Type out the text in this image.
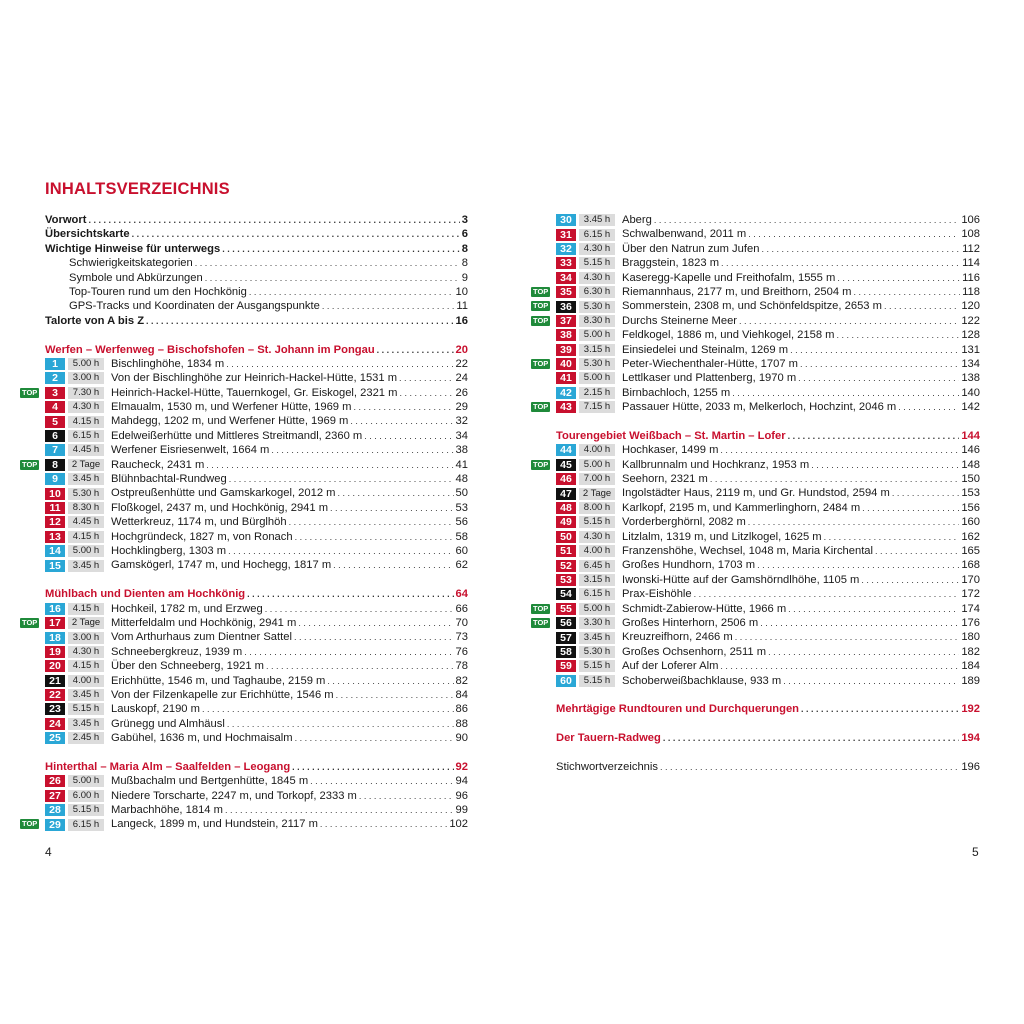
INHALTSVERZEICHNIS
Vorwort . . .	3
Übersichtskarte . . .	6
Wichtige Hinweise für unterwegs . . .	8
Schwierigkeitskategorien . . .	8
Symbole und Abkürzungen . . .	9
Top-Touren rund um den Hochkönig . . .	10
GPS-Tracks und Koordinaten der Ausgangspunkte . . .	11
Talorte von A bis Z . . .	16
Werfen – Werfenweg – Bischofshofen – St. Johann im Pongau . . .	20
1	5.00 h	Bischlinghöhe, 1834 m . . .	22
2	3.00 h	Von der Bischlinghöhe zur Heinrich-Hackel-Hütte, 1531 m . . .	24
TOP	3	7.30 h	Heinrich-Hackel-Hütte, Tauernkogel, Gr. Eiskogel, 2321 m . . .	26
4	4.30 h	Elmaualm, 1530 m, und Werfener Hütte, 1969 m . . .	29
5	4.15 h	Mahdegg, 1202 m, und Werfener Hütte, 1969 m . . .	32
6	6.15 h	Edelweißerhütte und Mittleres Streitmandl, 2360 m . . .	34
7	4.45 h	Werfener Eisriesenwelt, 1664 m . . .	38
TOP	8	2 Tage Raucheck, 2431 m . . .	41
9	3.45 h	Blühnbachtal-Rundweg . . .	48
10	5.30 h	Ostpreußenhütte und Gamskarkogel, 2012 m . . .	50
11	8.30 h	Floßkogel, 2437 m, und Hochkönig, 2941 m . . .	53
12	4.45 h	Wetterkreuz, 1174 m, und Bürglhöh . . .	56
13	4.15 h	Hochgründeck, 1827 m, von Ronach . . .	58
14	5.00 h	Hochklingberg, 1303 m . . .	60
15	3.45 h	Gamskögerl, 1747 m, und Hochegg, 1817 m . . .	62
Mühlbach und Dienten am Hochkönig . . .	64
16	4.15 h	Hochkeil, 1782 m, und Erzweg . . .	66
TOP	17	2 Tage Mitterfeldalm und Hochkönig, 2941 m . . .	70
18	3.00 h	Vom Arthurhaus zum Dientner Sattel . . .	73
19	4.30 h	Schneebergkreuz, 1939 m . . .	76
20	4.15 h	Über den Schneeberg, 1921 m . . .	78
21	4.00 h	Erichhütte, 1546 m, und Taghaube, 2159 m . . .	82
22	3.45 h	Von der Filzenkapelle zur Erichhütte, 1546 m . . .	84
23	5.15 h	Lauskopf, 2190 m . . .	86
24	3.45 h	Grünegg und Almhäusl . . .	88
25	2.45 h	Gabühel, 1636 m, und Hochmaisalm . . .	90
Hinterthal – Maria Alm – Saalfelden – Leogang . . .	92
26	5.00 h	Mußbachalm und Bertgenhütte, 1845 m . . .	94
27	6.00 h	Niedere Torscharte, 2247 m, und Torkopf, 2333 m . . .	96
28	5.15 h	Marbachhöhe, 1814 m . . .	99
TOP	29	6.15 h	Langeck, 1899 m, und Hundstein, 2117 m . . .	102
30	3.45 h	Aberg . . .	106
31	6.15 h	Schwalbenwand, 2011 m . . .	108
32	4.30 h	Über den Natrun zum Jufen . . .	112
33	5.15 h	Braggstein, 1823 m . . .	114
34	4.30 h	Kaseregg-Kapelle und Freithofalm, 1555 m . . .	116
TOP	35	6.30 h	Riemannhaus, 2177 m, und Breithorn, 2504 m . . .	118
TOP	36	5.30 h	Sommerstein, 2308 m, und Schönfeldspitze, 2653 m . . .	120
TOP	37	8.30 h	Durchs Steinerne Meer . . .	122
38	5.00 h	Feldkogel, 1886 m, und Viehkogel, 2158 m . . .	128
39	3.15 h	Einsiedelei und Steinalm, 1269 m . . .	131
TOP	40	5.30 h	Peter-Wiechenthaler-Hütte, 1707 m . . .	134
41	5.00 h	Lettlkaser und Plattenberg, 1970 m . . .	138
42	2.15 h	Birnbachloch, 1255 m . . .	140
TOP	43	7.15 h	Passauer Hütte, 2033 m, Melkerloch, Hochzint, 2046 m . . .	142
Tourengebiet Weißbach – St. Martin – Lofer . . .	144
44	4.00 h	Hochkaser, 1499 m . . .	146
TOP	45	5.00 h	Kallbrunnalm und Hochkranz, 1953 m . . .	148
46	7.00 h	Seehorn, 2321 m . . .	150
47	2 Tage Ingolstädter Haus, 2119 m, und Gr. Hundstod, 2594 m . . .	153
48	8.00 h	Karlkopf, 2195 m, und Kammerlinghorn, 2484 m . . .	156
49	5.15 h	Vorderberghörnl, 2082 m . . .	160
50	4.30 h	Litzlalm, 1319 m, und Litzlkogel, 1625 m . . .	162
51	4.00 h	Franzenshöhe, Wechsel, 1048 m, Maria Kirchental . . .	165
52	6.45 h	Großes Hundhorn, 1703 m . . .	168
53	3.15 h	Iwonski-Hütte auf der Gamshörndlhöhe, 1105 m . . .	170
54	6.15 h	Prax-Eishöhle . . .	172
TOP	55	5.00 h	Schmidt-Zabierow-Hütte, 1966 m . . .	174
TOP	56	3.30 h	Großes Hinterhorn, 2506 m . . .	176
57	3.45 h	Kreuzreifhorn, 2466 m . . .	180
58	5.30 h	Großes Ochsenhorn, 2511 m . . .	182
59	5.15 h	Auf der Loferer Alm . . .	184
60	5.15 h	Schoberweißbachklause, 933 m . . .	189
Mehrtägige Rundtouren und Durchquerungen . . .	192
Der Tauern-Radweg . . .	194
Stichwortverzeichnis . . .	196
4	5
